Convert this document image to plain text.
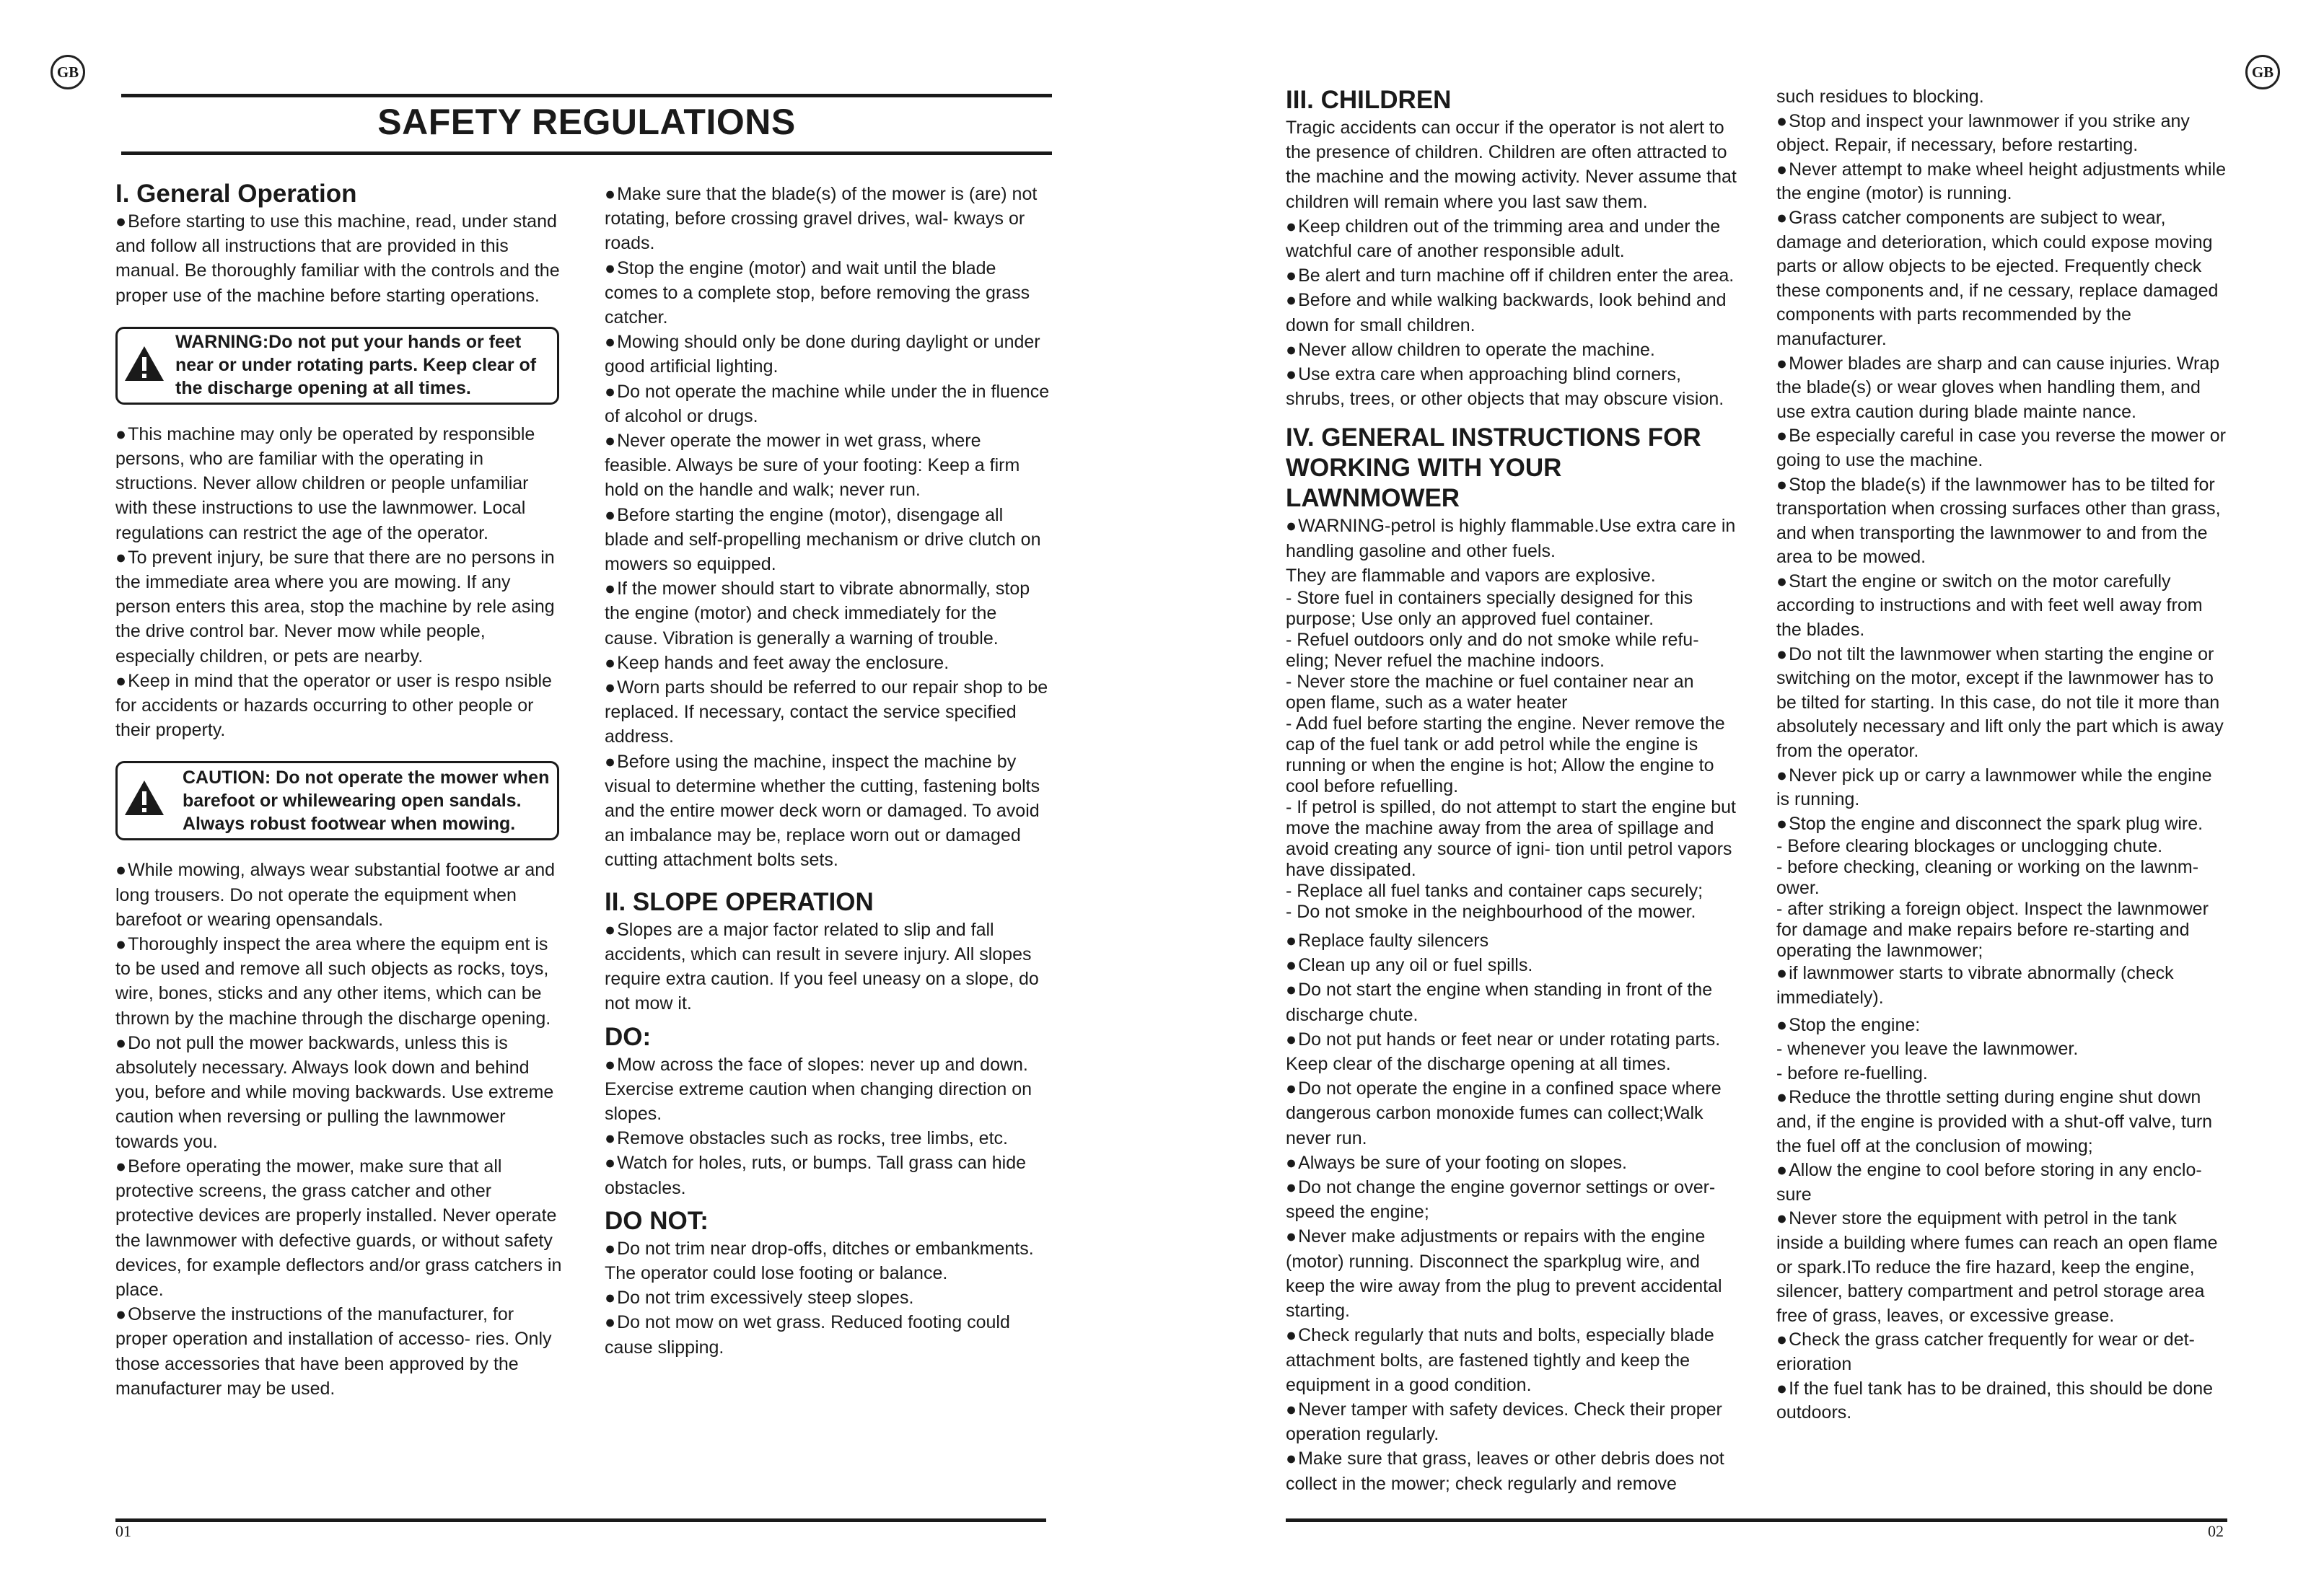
GB	GB
SAFETY REGULATIONS

I. General Operation

● Before starting to use this machine, read, under stand and follow all instructions that are provided in this manual. Be thoroughly familiar with the controls and the proper use of the machine before starting operations.

WARNING:Do not put your hands or feet near or under rotating parts. Keep clear of the discharge opening at all times.

● This machine may only be operated by responsible persons, who are familiar with the operating in structions. Never allow children or people unfamiliar with these instructions to use the lawnmower. Local regulations can restrict the age of the operator.

● To prevent injury, be sure that there are no persons in the immediate area where you are mowing. If any person enters this area, stop the machine by rele asing the drive control bar. Never mow while people, especially children, or pets are nearby.

● Keep in mind that the operator or user is respo nsible for accidents or hazards occurring to other people or their property.

CAUTION: Do not operate the mower when barefoot or whilewearing open sandals. Always robust footwear when mowing.

● While mowing, always wear substantial footwe ar and long trousers. Do not operate the equipment when barefoot or wearing opensandals.

● Thoroughly inspect the area where the equipm ent is to be used and remove all such objects as rocks, toys, wire, bones, sticks and any other items, which can be thrown by the machine through the discharge opening.

● Do not pull the mower backwards, unless this is absolutely necessary. Always look down and behind you, before and while moving backwards. Use extreme caution when reversing or pulling the lawnmower towards you.

● Before operating the mower, make sure that all protective screens, the grass catcher and other protective devices are properly installed. Never operate the lawnmower with defective guards, or without safety devices, for example deflectors and/or grass catchers in place.

● Observe the instructions of the manufacturer, for proper operation and installation of accesso- ries. Only those accessories that have been approved by the manufacturer may be used.

● Make sure that the blade(s) of the mower is (are) not rotating, before crossing gravel drives, wal- kways or roads.

● Stop the engine (motor) and wait until the blade comes to a complete stop, before removing the grass catcher.

● Mowing should only be done during daylight or under good artificial lighting.

● Do not operate the machine while under the in fluence of alcohol or drugs.

● Never operate the mower in wet grass, where feasible. Always be sure of your footing: Keep a firm hold on the handle and walk; never run.

● Before starting the engine (motor), disengage all blade and self-propelling mechanism or drive clutch on mowers so equipped.

● If the mower should start to vibrate abnormally, stop the engine (motor) and check immediately for the cause. Vibration is generally a warning of trouble.

● Keep hands and feet away the enclosure.

● Worn parts should be referred to our repair shop to be replaced. If necessary, contact the service specified address.

● Before using the machine, inspect the machine by visual to determine whether the cutting, fastening bolts and the entire mower deck worn or damaged. To avoid an imbalance may be, replace worn out or damaged cutting attachment bolts sets.

II. SLOPE OPERATION

● Slopes are a major factor related to slip and fall accidents, which can result in severe injury. All slopes require extra caution. If you feel uneasy on a slope, do not mow it.

DO:

● Mow across the face of slopes: never up and down. Exercise extreme caution when changing direction on slopes.

● Remove obstacles such as rocks, tree limbs, etc.

● Watch for holes, ruts, or bumps. Tall grass can hide obstacles.

DO NOT:

● Do not trim near drop-offs, ditches or embankments. The operator could lose footing or balance.

● Do not trim excessively steep slopes.

● Do not mow on wet grass. Reduced footing could cause slipping.

01

III. CHILDREN

Tragic accidents can occur if the operator is not alert to the presence of children. Children are often attracted to the machine and the mowing activity. Never assume that children will remain where you last saw them.

● Keep children out of the trimming area and under the watchful care of another responsible adult.

● Be alert and turn machine off if children enter the area.

● Before and while walking backwards, look behind and down for small children.

● Never allow children to operate the machine.

● Use extra care when approaching blind corners, shrubs, trees, or other objects that may obscure vision.

IV. GENERAL INSTRUCTIONS FOR WORKING WITH YOUR LAWNMOWER

● WARNING-petrol is highly flammable.Use extra care in handling gasoline and other fuels.

They are flammable and vapors are explosive.

- Store fuel in containers specially designed for this purpose; Use only an approved fuel container.

- Refuel outdoors only and do not smoke while refu-eling; Never refuel the machine indoors.

- Never store the machine or fuel container near an open flame, such as a water heater

- Add fuel before starting the engine. Never remove the cap of the fuel tank or add petrol while the engine is running or when the engine is hot; Allow the engine to cool before refuelling.

- If petrol is spilled, do not attempt to start the engine but move the machine away from the area of spillage and avoid creating any source of igni- tion until petrol vapors have dissipated.

- Replace all fuel tanks and container caps securely;

- Do not smoke in the neighbourhood of the mower.

● Replace faulty silencers

● Clean up any oil or fuel spills.

● Do not start the engine when standing in front of the discharge chute.

● Do not put hands or feet near or under rotating parts. Keep clear of the discharge opening at all times.

● Do not operate the engine in a confined space where dangerous carbon monoxide fumes can collect;Walk never run.

● Always be sure of your footing on slopes.

● Do not change the engine governor settings or over-speed the engine;

● Never make adjustments or repairs with the engine (motor) running. Disconnect the sparkplug wire, and keep the wire away from the plug to prevent accidental starting.

● Check regularly that nuts and bolts, especially blade attachment bolts, are fastened tightly and keep the equipment in a good condition.

● Never tamper with safety devices. Check their proper operation regularly.

● Make sure that grass, leaves or other debris does not collect in the mower; check regularly and remove

such residues to blocking.

● Stop and inspect your lawnmower if you strike any object. Repair, if necessary, before restarting.

● Never attempt to make wheel height adjustments while the engine (motor) is running.

● Grass catcher components are subject to wear, damage and deterioration, which could expose moving parts or allow objects to be ejected. Frequently check these components and, if ne cessary, replace damaged components with parts recommended by the manufacturer.

● Mower blades are sharp and can cause injuries. Wrap the blade(s) or wear gloves when handling them, and use extra caution during blade mainte nance.

● Be especially careful in case you reverse the mower or going to use the machine.

● Stop the blade(s) if the lawnmower has to be tilted for transportation when crossing surfaces other than grass, and when transporting the lawnmower to and from the area to be mowed.

● Start the engine or switch on the motor carefully according to instructions and with feet well away from the blades.

● Do not tilt the lawnmower when starting the engine or switching on the motor, except if the lawnmower has to be tilted for starting. In this case, do not tile it more than absolutely necessary and lift only the part which is away from the operator.

● Never pick up or carry a lawnmower while the engine is running.

● Stop the engine and disconnect the spark plug wire.

- Before clearing blockages or unclogging chute.

- before checking, cleaning or working on the lawnm- ower.

- after striking a foreign object. Inspect the lawnmower for damage and make repairs before re-starting and operating the lawnmower;

● if lawnmower starts to vibrate abnormally (check immediately).

● Stop the engine:

- whenever you leave the lawnmower.

- before re-fuelling.

● Reduce the throttle setting during engine shut down and, if the engine is provided with a shut-off valve, turn the fuel off at the conclusion of mowing;

● Allow the engine to cool before storing in any enclo- sure

● Never store the equipment with petrol in the tank inside a building where fumes can reach an open flame or spark.ITo reduce the fire hazard, keep the engine, silencer, battery compartment and petrol storage area free of grass, leaves, or excessive grease.

● Check the grass catcher frequently for wear or det- erioration

● If the fuel tank has to be drained, this should be done outdoors.

02
